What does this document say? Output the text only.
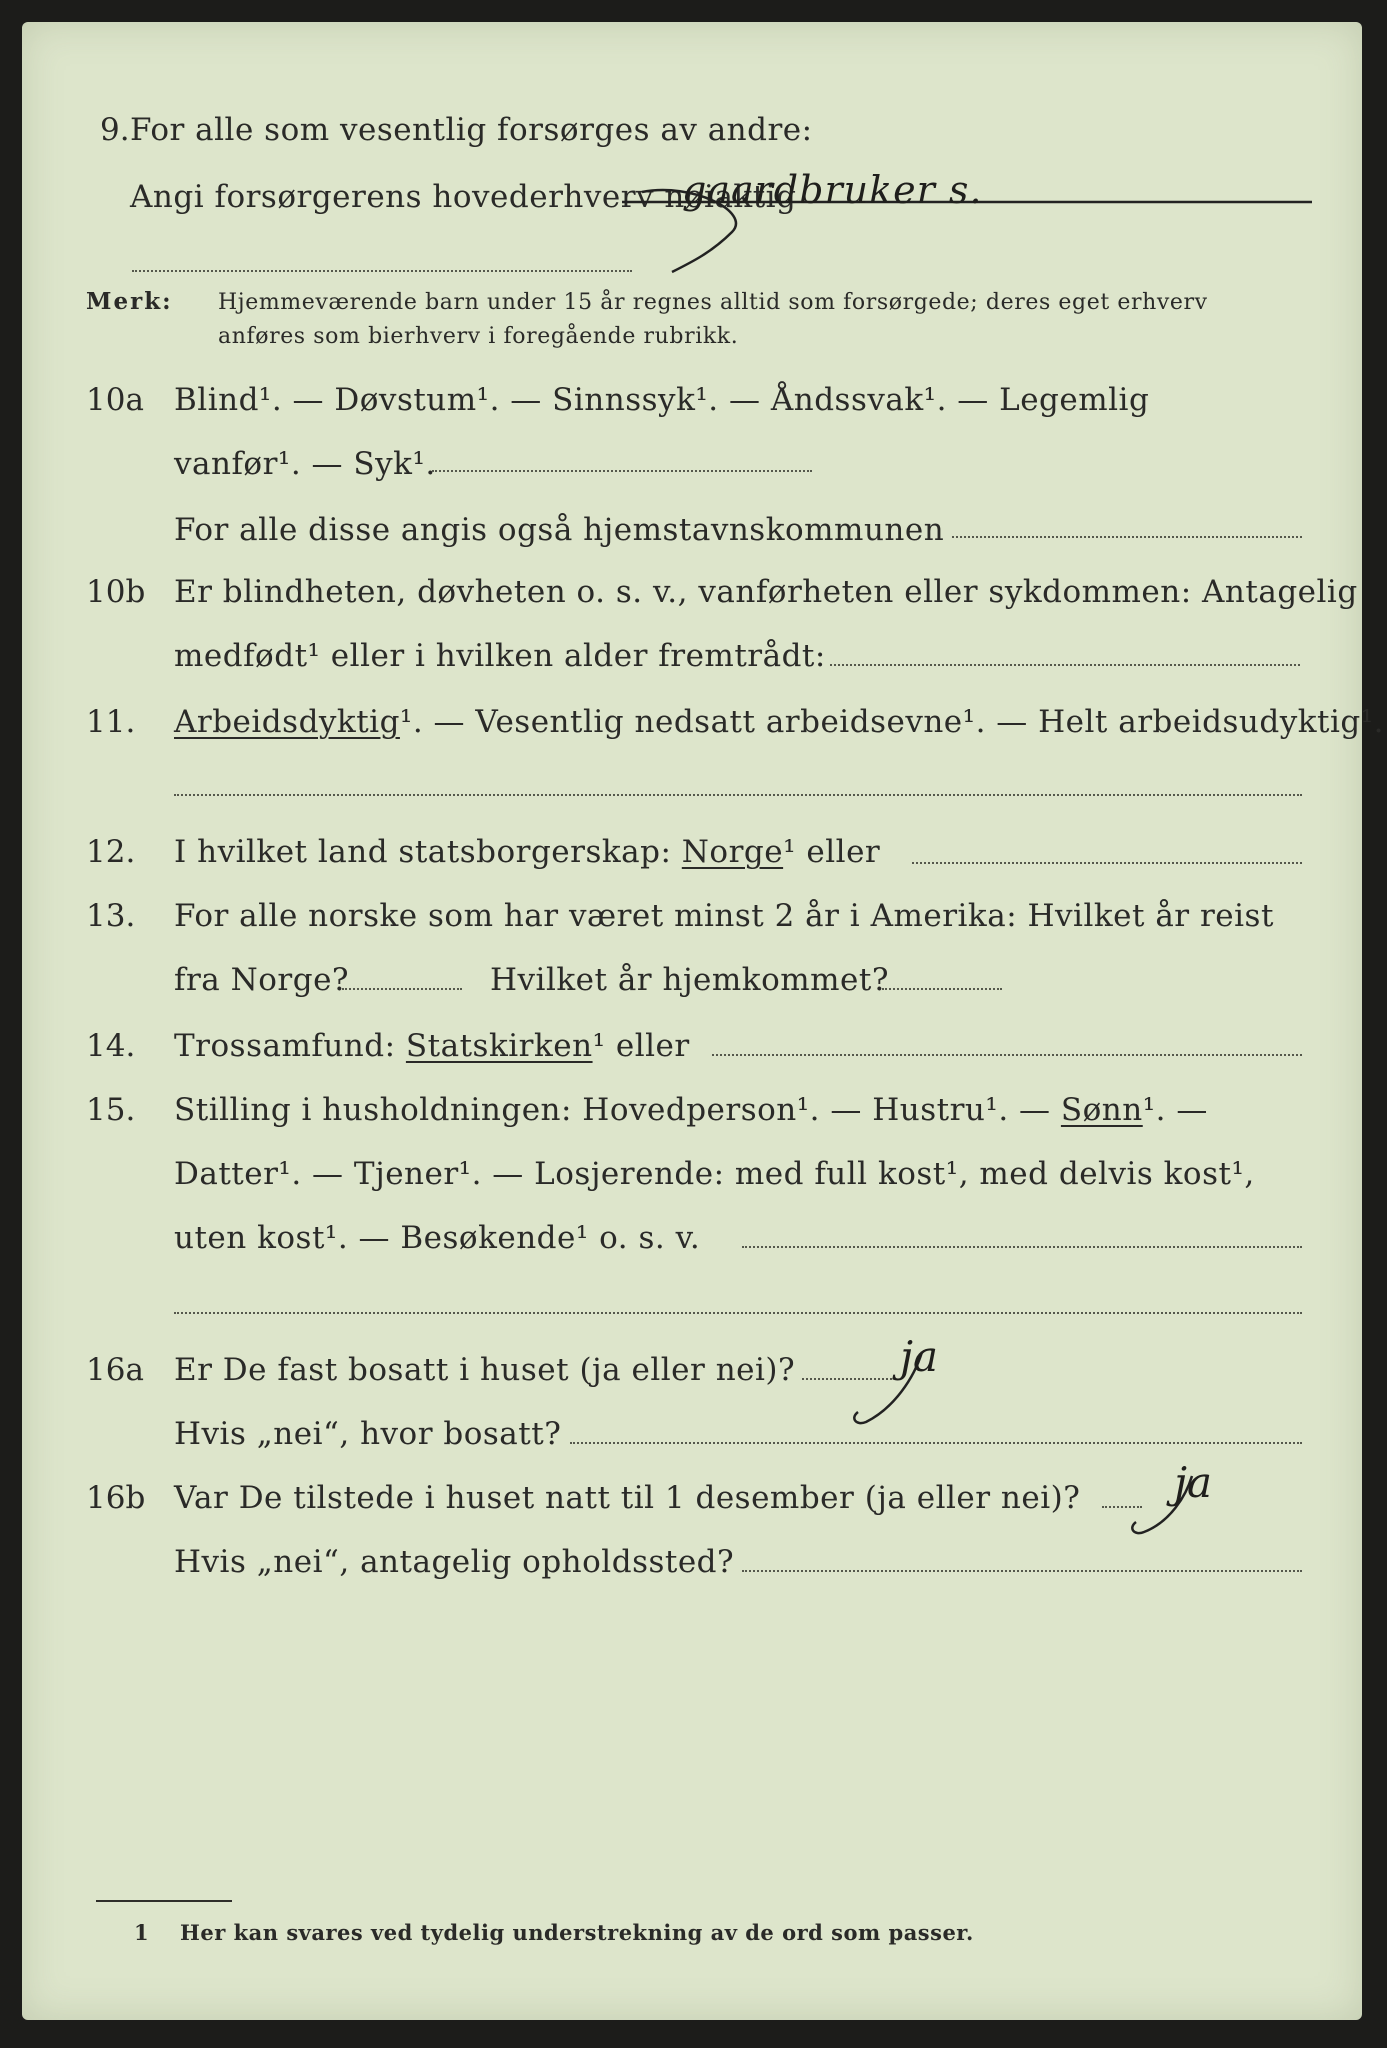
9. For alle som vesentlig forsørges av andre:
Angi forsørgerens hovederhverv nøiaktig
gaardbruker s.
Merk: Hjemmeværende barn under 15 år regnes alltid som forsørgede; deres eget erhverv
anføres som bierhverv i foregående rubrikk.
10a Blind¹. — Døvstum¹. — Sinnssyk¹. — Åndssvak¹. — Legemlig
vanfør¹. — Syk¹.
For alle disse angis også hjemstavnskommunen
10b Er blindheten, døvheten o. s. v., vanførheten eller sykdommen: Antagelig
medfødt¹ eller i hvilken alder fremtrådt:
11. Arbeidsdyktig¹. — Vesentlig nedsatt arbeidsevne¹. — Helt arbeidsudyktig¹.
12. I hvilket land statsborgerskap: Norge¹ eller
13. For alle norske som har været minst 2 år i Amerika: Hvilket år reist
fra Norge?	Hvilket år hjemkommet?
14. Trossamfund: Statskirken¹ eller
15. Stilling i husholdningen: Hovedperson¹. — Hustru¹. — Sønn¹. —
Datter¹. — Tjener¹. — Losjerende: med full kost¹, med delvis kost¹,
uten kost¹. — Besøkende¹ o. s. v.
16a Er De fast bosatt i huset (ja eller nei)? ja
Hvis „nei“, hvor bosatt?
16b Var De tilstede i huset natt til 1 desember (ja eller nei)? ja
Hvis „nei“, antagelig opholdssted?
1 Her kan svares ved tydelig understrekning av de ord som passer.
